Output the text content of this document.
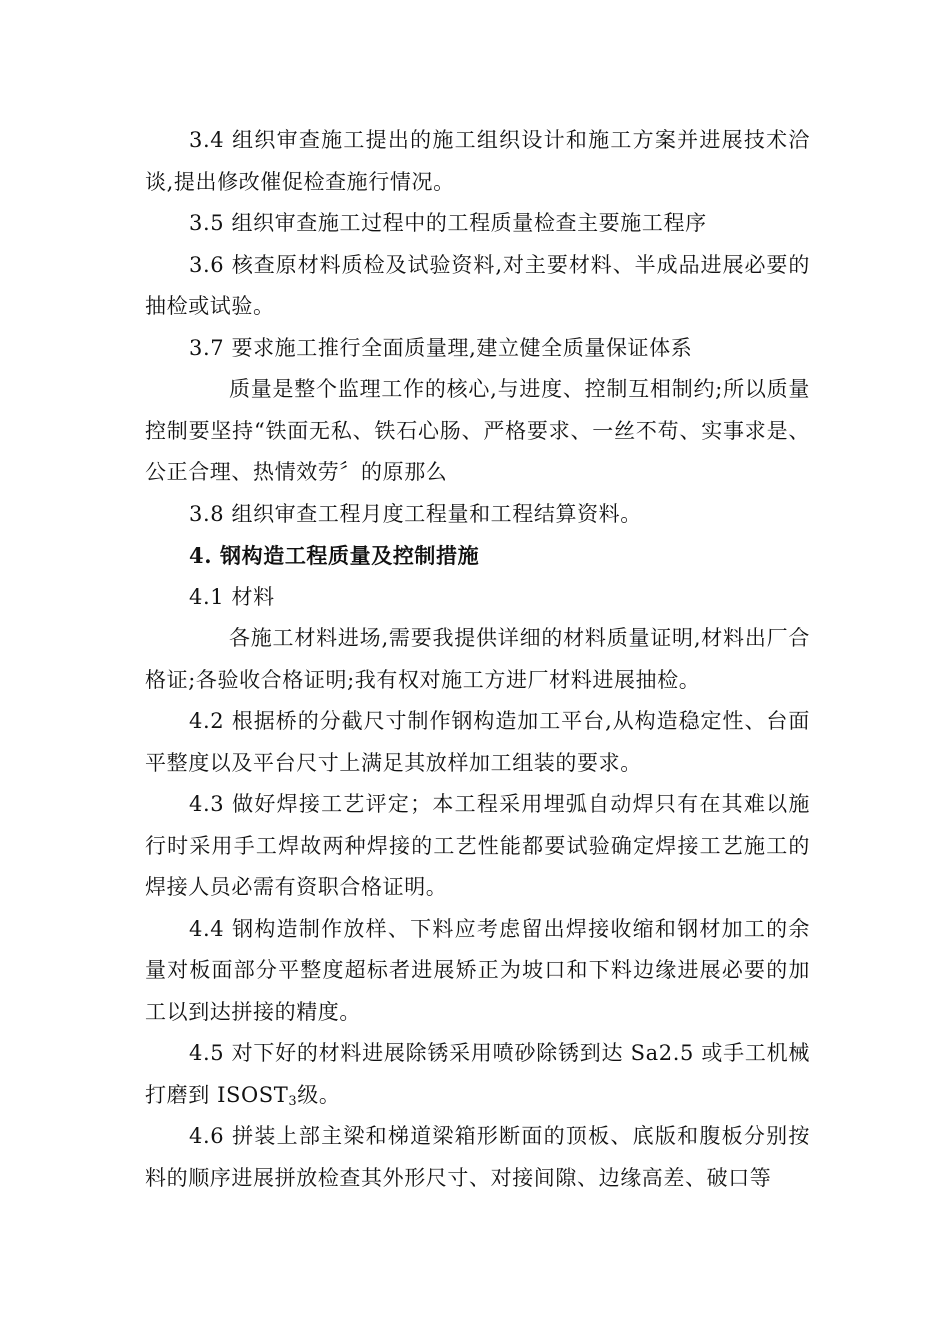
3.4 组织审查施工提出的施工组织设计和施工方案并进展技术洽谈,提出修改催促检查施行情况。

3.5 组织审查施工过程中的工程质量检查主要施工程序

3.6 核查原材料质检及试验资料,对主要材料、半成品进展必要的抽检或试验。

3.7 要求施工推行全面质量理,建立健全质量保证体系

质量是整个监理工作的核心,与进度、控制互相制约;所以质量控制要坚持“铁面无私、铁石心肠、严格要求、一丝不苟、实事求是、公正合理、热情效劳〞的原那么

3.8 组织审查工程月度工程量和工程结算资料。

4. 钢构造工程质量及控制措施

4.1 材料

各施工材料进场,需要我提供详细的材料质量证明,材料出厂合格证;各验收合格证明;我有权对施工方进厂材料进展抽检。

4.2 根据桥的分截尺寸制作钢构造加工平台,从构造稳定性、台面平整度以及平台尺寸上满足其放样加工组装的要求。

4.3 做好焊接工艺评定；本工程采用埋弧自动焊只有在其难以施行时采用手工焊故两种焊接的工艺性能都要试验确定焊接工艺施工的焊接人员必需有资职合格证明。

4.4 钢构造制作放样、下料应考虑留出焊接收缩和钢材加工的余量对板面部分平整度超标者进展矫正为坡口和下料边缘进展必要的加工以到达拼接的精度。

4.5 对下好的材料进展除锈采用喷砂除锈到达 Sa2.5 或手工机械打磨到 $ISOST_3$级。

4.6 拼装上部主梁和梯道梁箱形断面的顶板、底版和腹板分别按料的顺序进展拼放检查其外形尺寸、对接间隙、边缘高差、破口等
